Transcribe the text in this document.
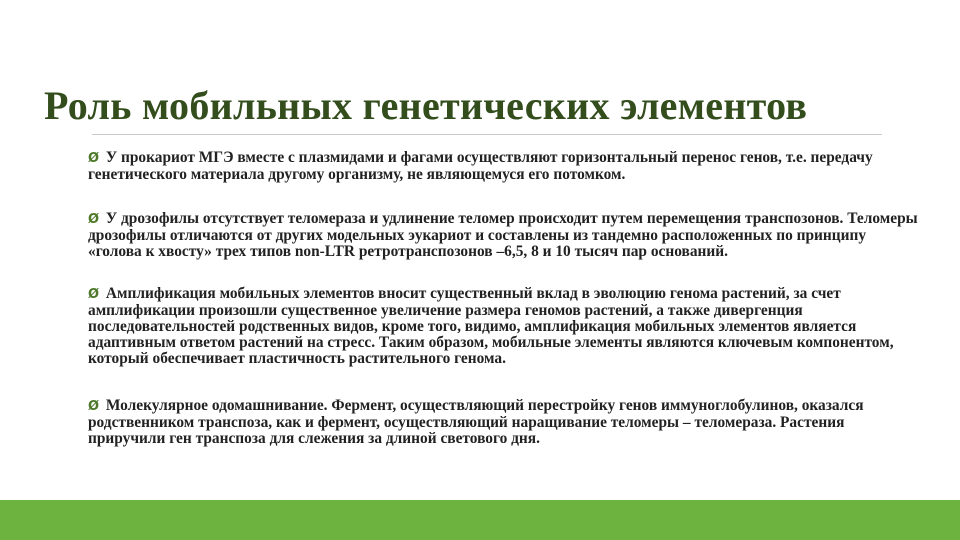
Роль мобильных генетических элементов
Ø У прокариот МГЭ вместе с плазмидами и фагами осуществляют горизонтальный перенос генов, т.е. передачу генетического материала другому организму, не являющемуся его потомком.
Ø У дрозофилы отсутствует теломераза и удлинение теломер происходит путем перемещения транспозонов. Теломеры дрозофилы отличаются от других модельных эукариот и составлены из тандемно расположенных по принципу «голова к хвосту» трех типов non-LTR ретротранспозонов –6,5, 8 и 10 тысяч пар оснований.
Ø Амплификация мобильных элементов вносит существенный вклад в эволюцию генома растений, за счет амплификации произошли существенное увеличение размера геномов растений, а также дивергенция последовательностей родственных видов, кроме того, видимо, амплификация мобильных элементов является адаптивным ответом растений на стресс. Таким образом, мобильные элементы являются ключевым компонентом, который обеспечивает пластичность растительного генома.
Ø Молекулярное одомашнивание. Фермент, осуществляющий перестройку генов иммуноглобулинов, оказался родственником транспоза, как и фермент, осуществляющий наращивание теломеры – теломераза. Растения приручили ген транспоза для слежения за длиной светового дня.
